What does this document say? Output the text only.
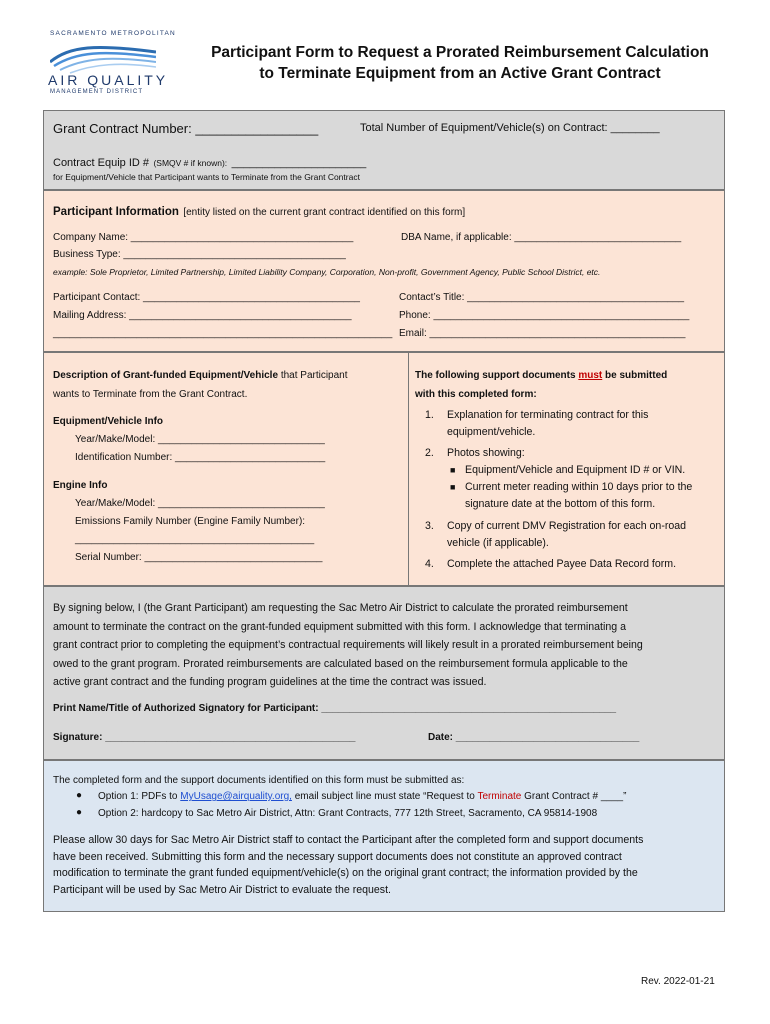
SACRAMENTO METROPOLITAN
AIR QUALITY
MANAGEMENT DISTRICT
Participant Form to Request a Prorated Reimbursement Calculation
to Terminate Equipment from an Active Grant Contract
Grant Contract Number: _________________	Total Number of Equipment/Vehicle(s) on Contract: ________
Contract Equip ID # (SMQV # if known): ______________________
for Equipment/Vehicle that Participant wants to Terminate from the Grant Contract
Participant Information [entity listed on the current grant contract identified on this form]
Company Name: ________________________________________	DBA Name, if applicable: ______________________________
Business Type: ________________________________________
example: Sole Proprietor, Limited Partnership, Limited Liability Company, Corporation, Non-profit, Government Agency, Public School District, etc.
Participant Contact: _______________________________________	Contact’s Title: _______________________________________
Mailing Address: ________________________________________	Phone: ______________________________________________
_____________________________________________________________ Email: ______________________________________________
Description of Grant-funded Equipment/Vehicle that Participant
wants to Terminate from the Grant Contract.
Equipment/Vehicle Info
Year/Make/Model: ______________________________
Identification Number: ___________________________
Engine Info
Year/Make/Model: ______________________________
Emissions Family Number (Engine Family Number):
___________________________________________
Serial Number: ________________________________
The following support documents must be submitted
with this completed form:
1. Explanation for terminating contract for this
equipment/vehicle.
2. Photos showing:
■ Equipment/Vehicle and Equipment ID # or VIN.
■ Current meter reading within 10 days prior to the
signature date at the bottom of this form.
3. Copy of current DMV Registration for each on-road
vehicle (if applicable).
4. Complete the attached Payee Data Record form.
By signing below, I (the Grant Participant) am requesting the Sac Metro Air District to calculate the prorated reimbursement
amount to terminate the contract on the grant-funded equipment submitted with this form. I acknowledge that terminating a
grant contract prior to completing the equipment’s contractual requirements will likely result in a prorated reimbursement being
owed to the grant program. Prorated reimbursements are calculated based on the reimbursement formula applicable to the
active grant contract and the funding program guidelines at the time the contract was issued.
Print Name/Title of Authorized Signatory for Participant: _____________________________________________________
Signature: _____________________________________________	Date: _________________________________
The completed form and the support documents identified on this form must be submitted as:
● Option 1: PDFs to MyUsage@airquality.org, email subject line must state “Request to Terminate Grant Contract # ____”
● Option 2: hardcopy to Sac Metro Air District, Attn: Grant Contracts, 777 12th Street, Sacramento, CA 95814-1908
Please allow 30 days for Sac Metro Air District staff to contact the Participant after the completed form and support documents
have been received. Submitting this form and the necessary support documents does not constitute an approved contract
modification to terminate the grant funded equipment/vehicle(s) on the original grant contract; the information provided by the
Participant will be used by Sac Metro Air District to evaluate the request.
Rev. 2022-01-21
